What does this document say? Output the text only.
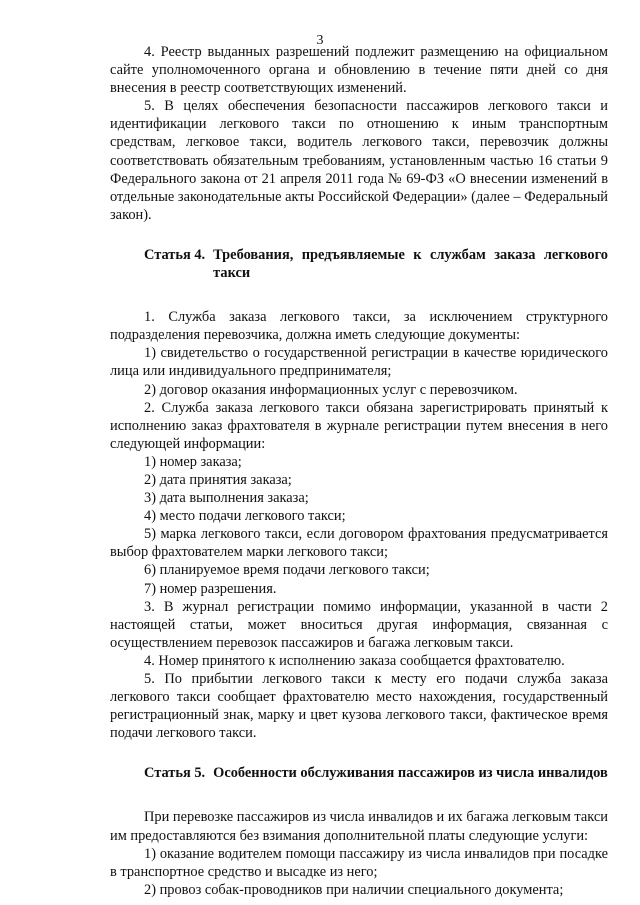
3

4. Реестр выданных разрешений подлежит размещению на официальном сайте уполномоченного органа и обновлению в течение пяти дней со дня внесения в реестр соответствующих изменений.

5. В целях обеспечения безопасности пассажиров легкового такси и идентификации легкового такси по отношению к иным транспортным средствам, легковое такси, водитель легкового такси, перевозчик должны соответствовать обязательным требованиям, установленным частью 16 статьи 9 Федерального закона от 21 апреля 2011 года № 69-ФЗ «О внесении изменений в отдельные законодательные акты Российской Федерации» (далее – Федеральный закон).

Статья 4. Требования, предъявляемые к службам заказа легкового такси

1. Служба заказа легкового такси, за исключением структурного подразделения перевозчика, должна иметь следующие документы:

1) свидетельство о государственной регистрации в качестве юридического лица или индивидуального предпринимателя;

2) договор оказания информационных услуг с перевозчиком.

2. Служба заказа легкового такси обязана зарегистрировать принятый к исполнению заказ фрахтователя в журнале регистрации путем внесения в него следующей информации:

1) номер заказа;

2) дата принятия заказа;

3) дата выполнения заказа;

4) место подачи легкового такси;

5) марка легкового такси, если договором фрахтования предусматривается выбор фрахтователем марки легкового такси;

6) планируемое время подачи легкового такси;

7) номер разрешения.

3. В журнал регистрации помимо информации, указанной в части 2 настоящей статьи, может вноситься другая информация, связанная с осуществлением перевозок пассажиров и багажа легковым такси.

4. Номер принятого к исполнению заказа сообщается фрахтователю.

5. По прибытии легкового такси к месту его подачи служба заказа легкового такси сообщает фрахтователю место нахождения, государственный регистрационный знак, марку и цвет кузова легкового такси, фактическое время подачи легкового такси.

Статья 5. Особенности обслуживания пассажиров из числа инвалидов

При перевозке пассажиров из числа инвалидов и их багажа легковым такси им предоставляются без взимания дополнительной платы следующие услуги:

1) оказание водителем помощи пассажиру из числа инвалидов при посадке в транспортное средство и высадке из него;

2) провоз собак-проводников при наличии специального документа;
